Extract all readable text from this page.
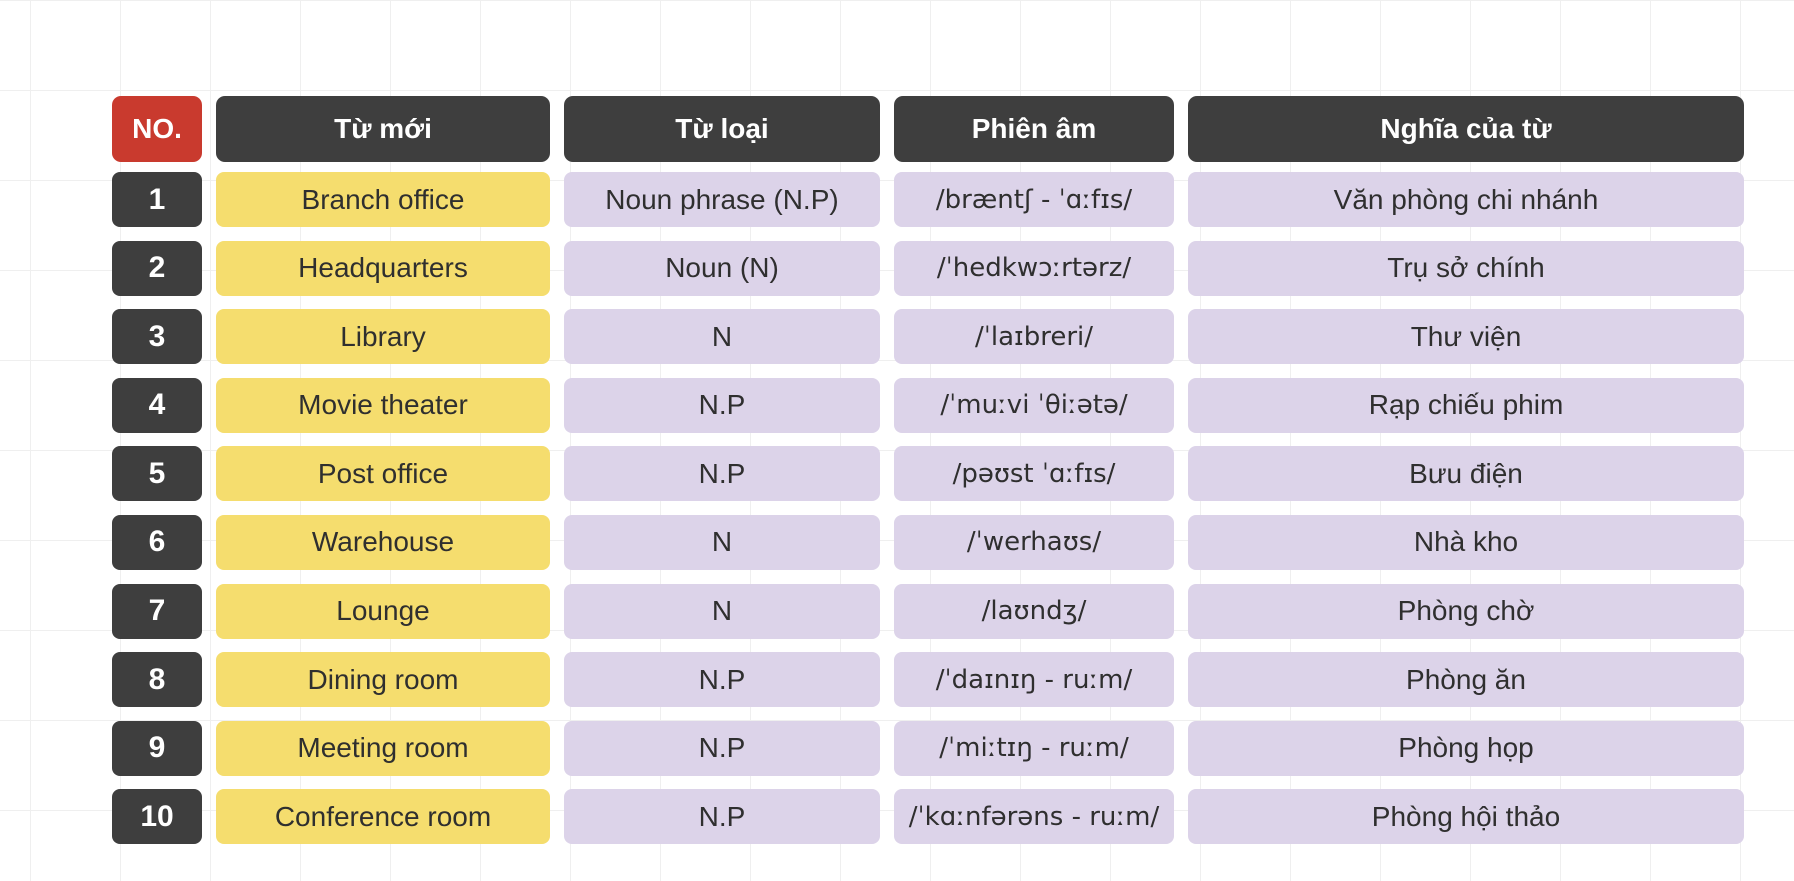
NO.	Từ mới	Từ loại	Phiên âm	Nghĩa của từ
1	Branch office	Noun phrase (N.P)	/bræntʃ - ˈɑːfɪs/	Văn phòng chi nhánh
2	Headquarters	Noun (N)	/ˈhedkwɔːrtərz/	Trụ sở chính
3	Library	N	/ˈlaɪbreri/	Thư viện
4	Movie theater	N.P	/ˈmuːvi ˈθiːətə/	Rạp chiếu phim
5	Post office	N.P	/pəʊst ˈɑːfɪs/	Bưu điện
6	Warehouse	N	/ˈwerhaʊs/	Nhà kho
7	Lounge	N	/laʊndʒ/	Phòng chờ
8	Dining room	N.P	/ˈdaɪnɪŋ - ruːm/	Phòng ăn
9	Meeting room	N.P	/ˈmiːtɪŋ - ruːm/	Phòng họp
10	Conference room	N.P	/ˈkɑːnfərəns - ruːm/	Phòng hội thảo
